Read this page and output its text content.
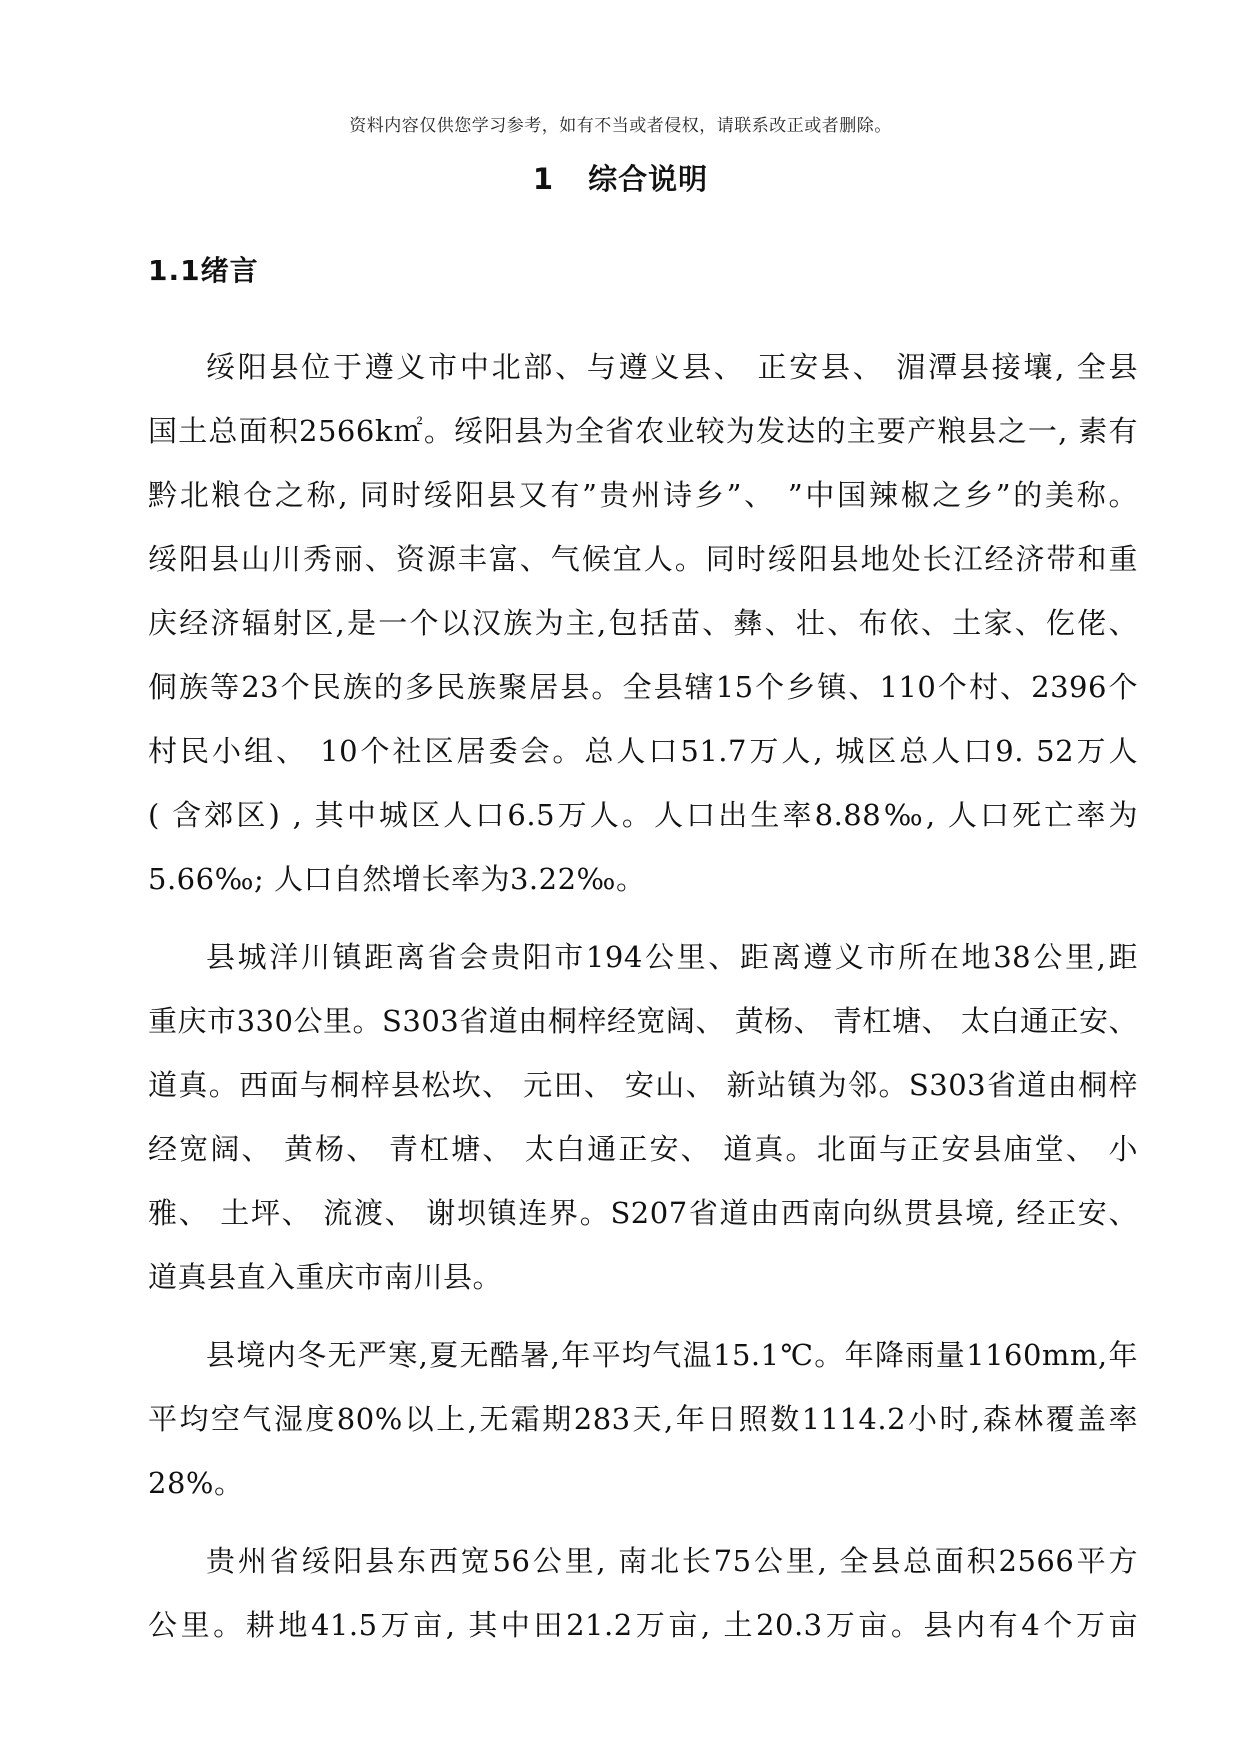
资料内容仅供您学习参考，如有不当或者侵权，请联系改正或者删除。
1 综合说明
1.1绪言
绥阳县位于遵义市中北部、与遵义县、 正安县、 湄潭县接壤, 全县
国土总面积2566k㎡。绥阳县为全省农业较为发达的主要产粮县之一, 素有
黔北粮仓之称, 同时绥阳县又有”贵州诗乡”、 ”中国辣椒之乡”的美称。
绥阳县山川秀丽、资源丰富、气候宜人。同时绥阳县地处长江经济带和重
庆经济辐射区,是一个以汉族为主,包括苗、彝、壮、布依、土家、仡佬、
侗族等23个民族的多民族聚居县。全县辖15个乡镇、110个村、2396个
村民小组、 10个社区居委会。总人口51.7万人, 城区总人口9. 52万人
( 含郊区) , 其中城区人口6.5万人。人口出生率8.88‰, 人口死亡率为
5.66‰; 人口自然增长率为3.22‰。
县城洋川镇距离省会贵阳市194公里、距离遵义市所在地38公里,距
重庆市330公里。S303省道由桐梓经宽阔、 黄杨、 青杠塘、 太白通正安、
道真。西面与桐梓县松坎、 元田、 安山、 新站镇为邻。S303省道由桐梓
经宽阔、 黄杨、 青杠塘、 太白通正安、 道真。北面与正安县庙堂、 小
雅、 土坪、 流渡、 谢坝镇连界。S207省道由西南向纵贯县境, 经正安、
道真县直入重庆市南川县。
县境内冬无严寒,夏无酷暑,年平均气温15.1℃。年降雨量1160mm,年
平均空气湿度80%以上,无霜期283天,年日照数1114.2小时,森林覆盖率
28%。
贵州省绥阳县东西宽56公里, 南北长75公里, 全县总面积2566平方
公里。耕地41.5万亩, 其中田21.2万亩, 土20.3万亩。县内有4个万亩
